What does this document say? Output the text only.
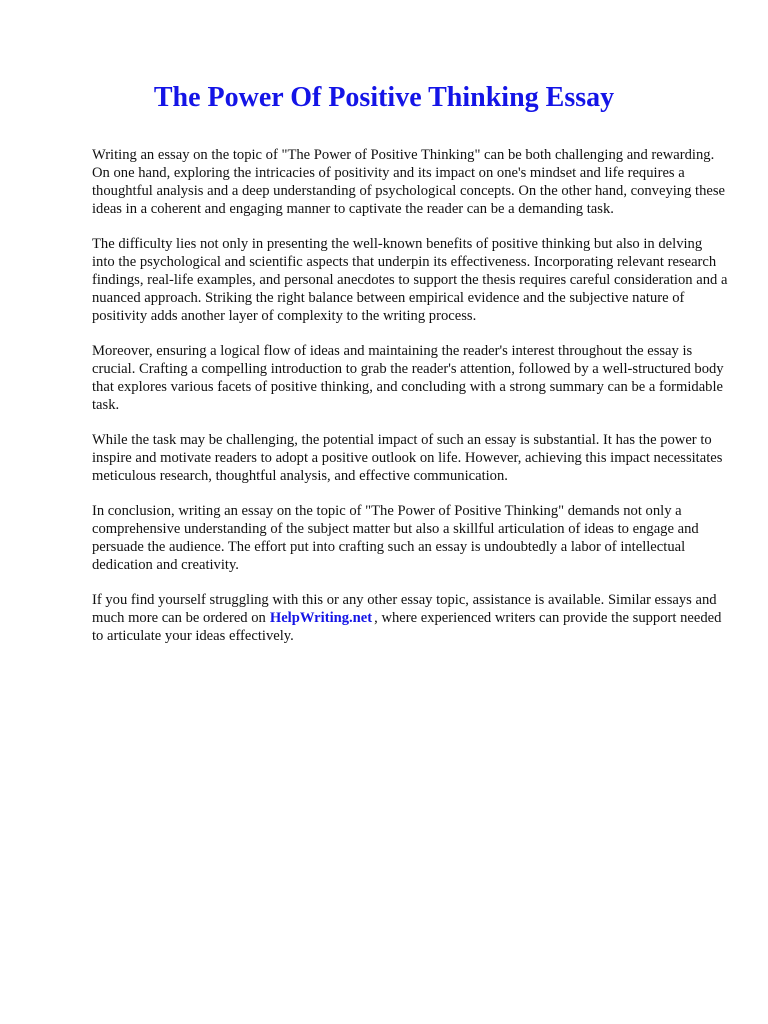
The Power Of Positive Thinking Essay

Writing an essay on the topic of "The Power of Positive Thinking" can be both challenging and rewarding. On one hand, exploring the intricacies of positivity and its impact on one's mindset and life requires a thoughtful analysis and a deep understanding of psychological concepts. On the other hand, conveying these ideas in a coherent and engaging manner to captivate the reader can be a demanding task.

The difficulty lies not only in presenting the well-known benefits of positive thinking but also in delving into the psychological and scientific aspects that underpin its effectiveness. Incorporating relevant research findings, real-life examples, and personal anecdotes to support the thesis requires careful consideration and a nuanced approach. Striking the right balance between empirical evidence and the subjective nature of positivity adds another layer of complexity to the writing process.

Moreover, ensuring a logical flow of ideas and maintaining the reader's interest throughout the essay is crucial. Crafting a compelling introduction to grab the reader's attention, followed by a well-structured body that explores various facets of positive thinking, and concluding with a strong summary can be a formidable task.

While the task may be challenging, the potential impact of such an essay is substantial. It has the power to inspire and motivate readers to adopt a positive outlook on life. However, achieving this impact necessitates meticulous research, thoughtful analysis, and effective communication.

In conclusion, writing an essay on the topic of "The Power of Positive Thinking" demands not only a comprehensive understanding of the subject matter but also a skillful articulation of ideas to engage and persuade the audience. The effort put into crafting such an essay is undoubtedly a labor of intellectual dedication and creativity.

If you find yourself struggling with this or any other essay topic, assistance is available. Similar essays and much more can be ordered on HelpWriting.net , where experienced writers can provide the support needed to articulate your ideas effectively.
